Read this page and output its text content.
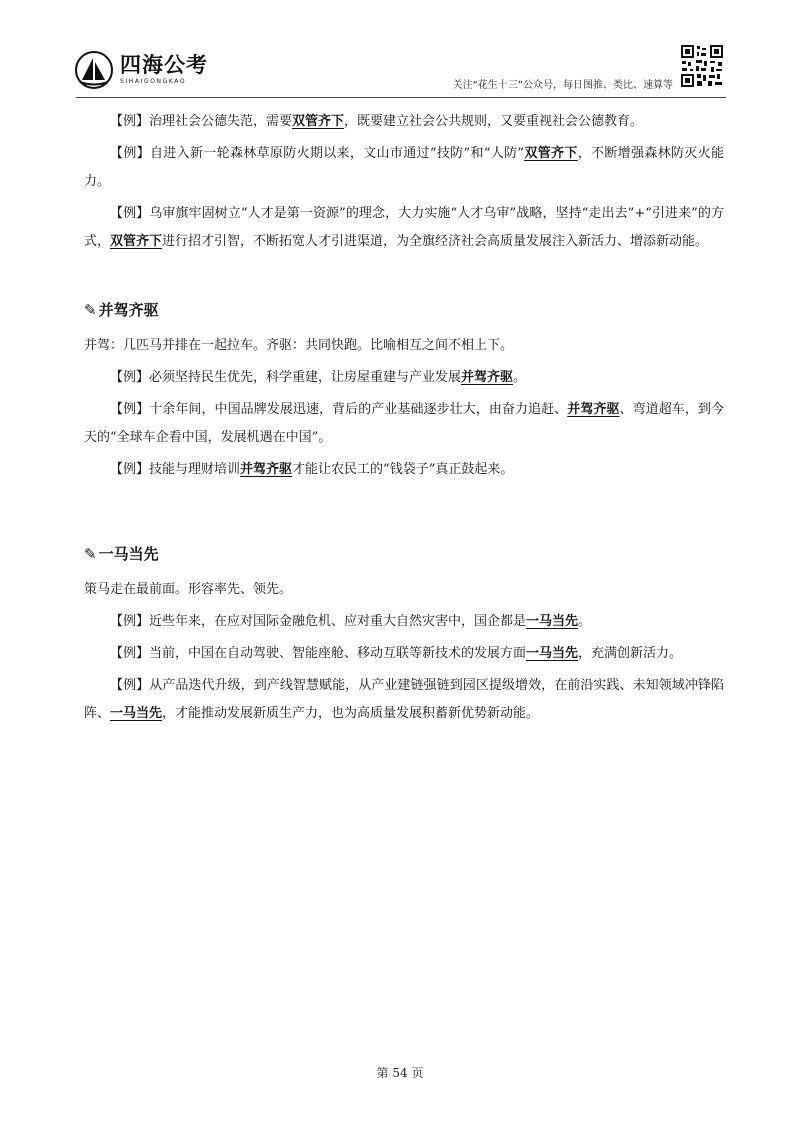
四海公考
SIHAIGONGKAO	关注“花生十三”公众号，每日图推、类比、速算等

【例】治理社会公德失范，需要双管齐下，既要建立社会公共规则，又要重视社会公德教育。

【例】自进入新一轮森林草原防火期以来，文山市通过“技防”和“人防”双管齐下，不断增强森林防灭火能力。

【例】乌审旗牢固树立“人才是第一资源”的理念，大力实施“人才乌审”战略，坚持“走出去”+“引进来”的方式，双管齐下进行招才引智，不断拓宽人才引进渠道，为全旗经济社会高质量发展注入新活力、增添新动能。

✎ 并驾齐驱

并驾：几匹马并排在一起拉车。齐驱：共同快跑。比喻相互之间不相上下。

【例】必须坚持民生优先，科学重建，让房屋重建与产业发展并驾齐驱。

【例】十余年间，中国品牌发展迅速，背后的产业基础逐步壮大，由奋力追赶、并驾齐驱、弯道超车，到今天的“全球车企看中国，发展机遇在中国”。

【例】技能与理财培训并驾齐驱才能让农民工的“钱袋子”真正鼓起来。

✎ 一马当先

策马走在最前面。形容率先、领先。

【例】近些年来，在应对国际金融危机、应对重大自然灾害中，国企都是一马当先。

【例】当前，中国在自动驾驶、智能座舱、移动互联等新技术的发展方面一马当先，充满创新活力。

【例】从产品迭代升级，到产线智慧赋能，从产业建链强链到园区提级增效，在前沿实践、未知领域冲锋陷阵、一马当先，才能推动发展新质生产力，也为高质量发展积蓄新优势新动能。

第 54 页
